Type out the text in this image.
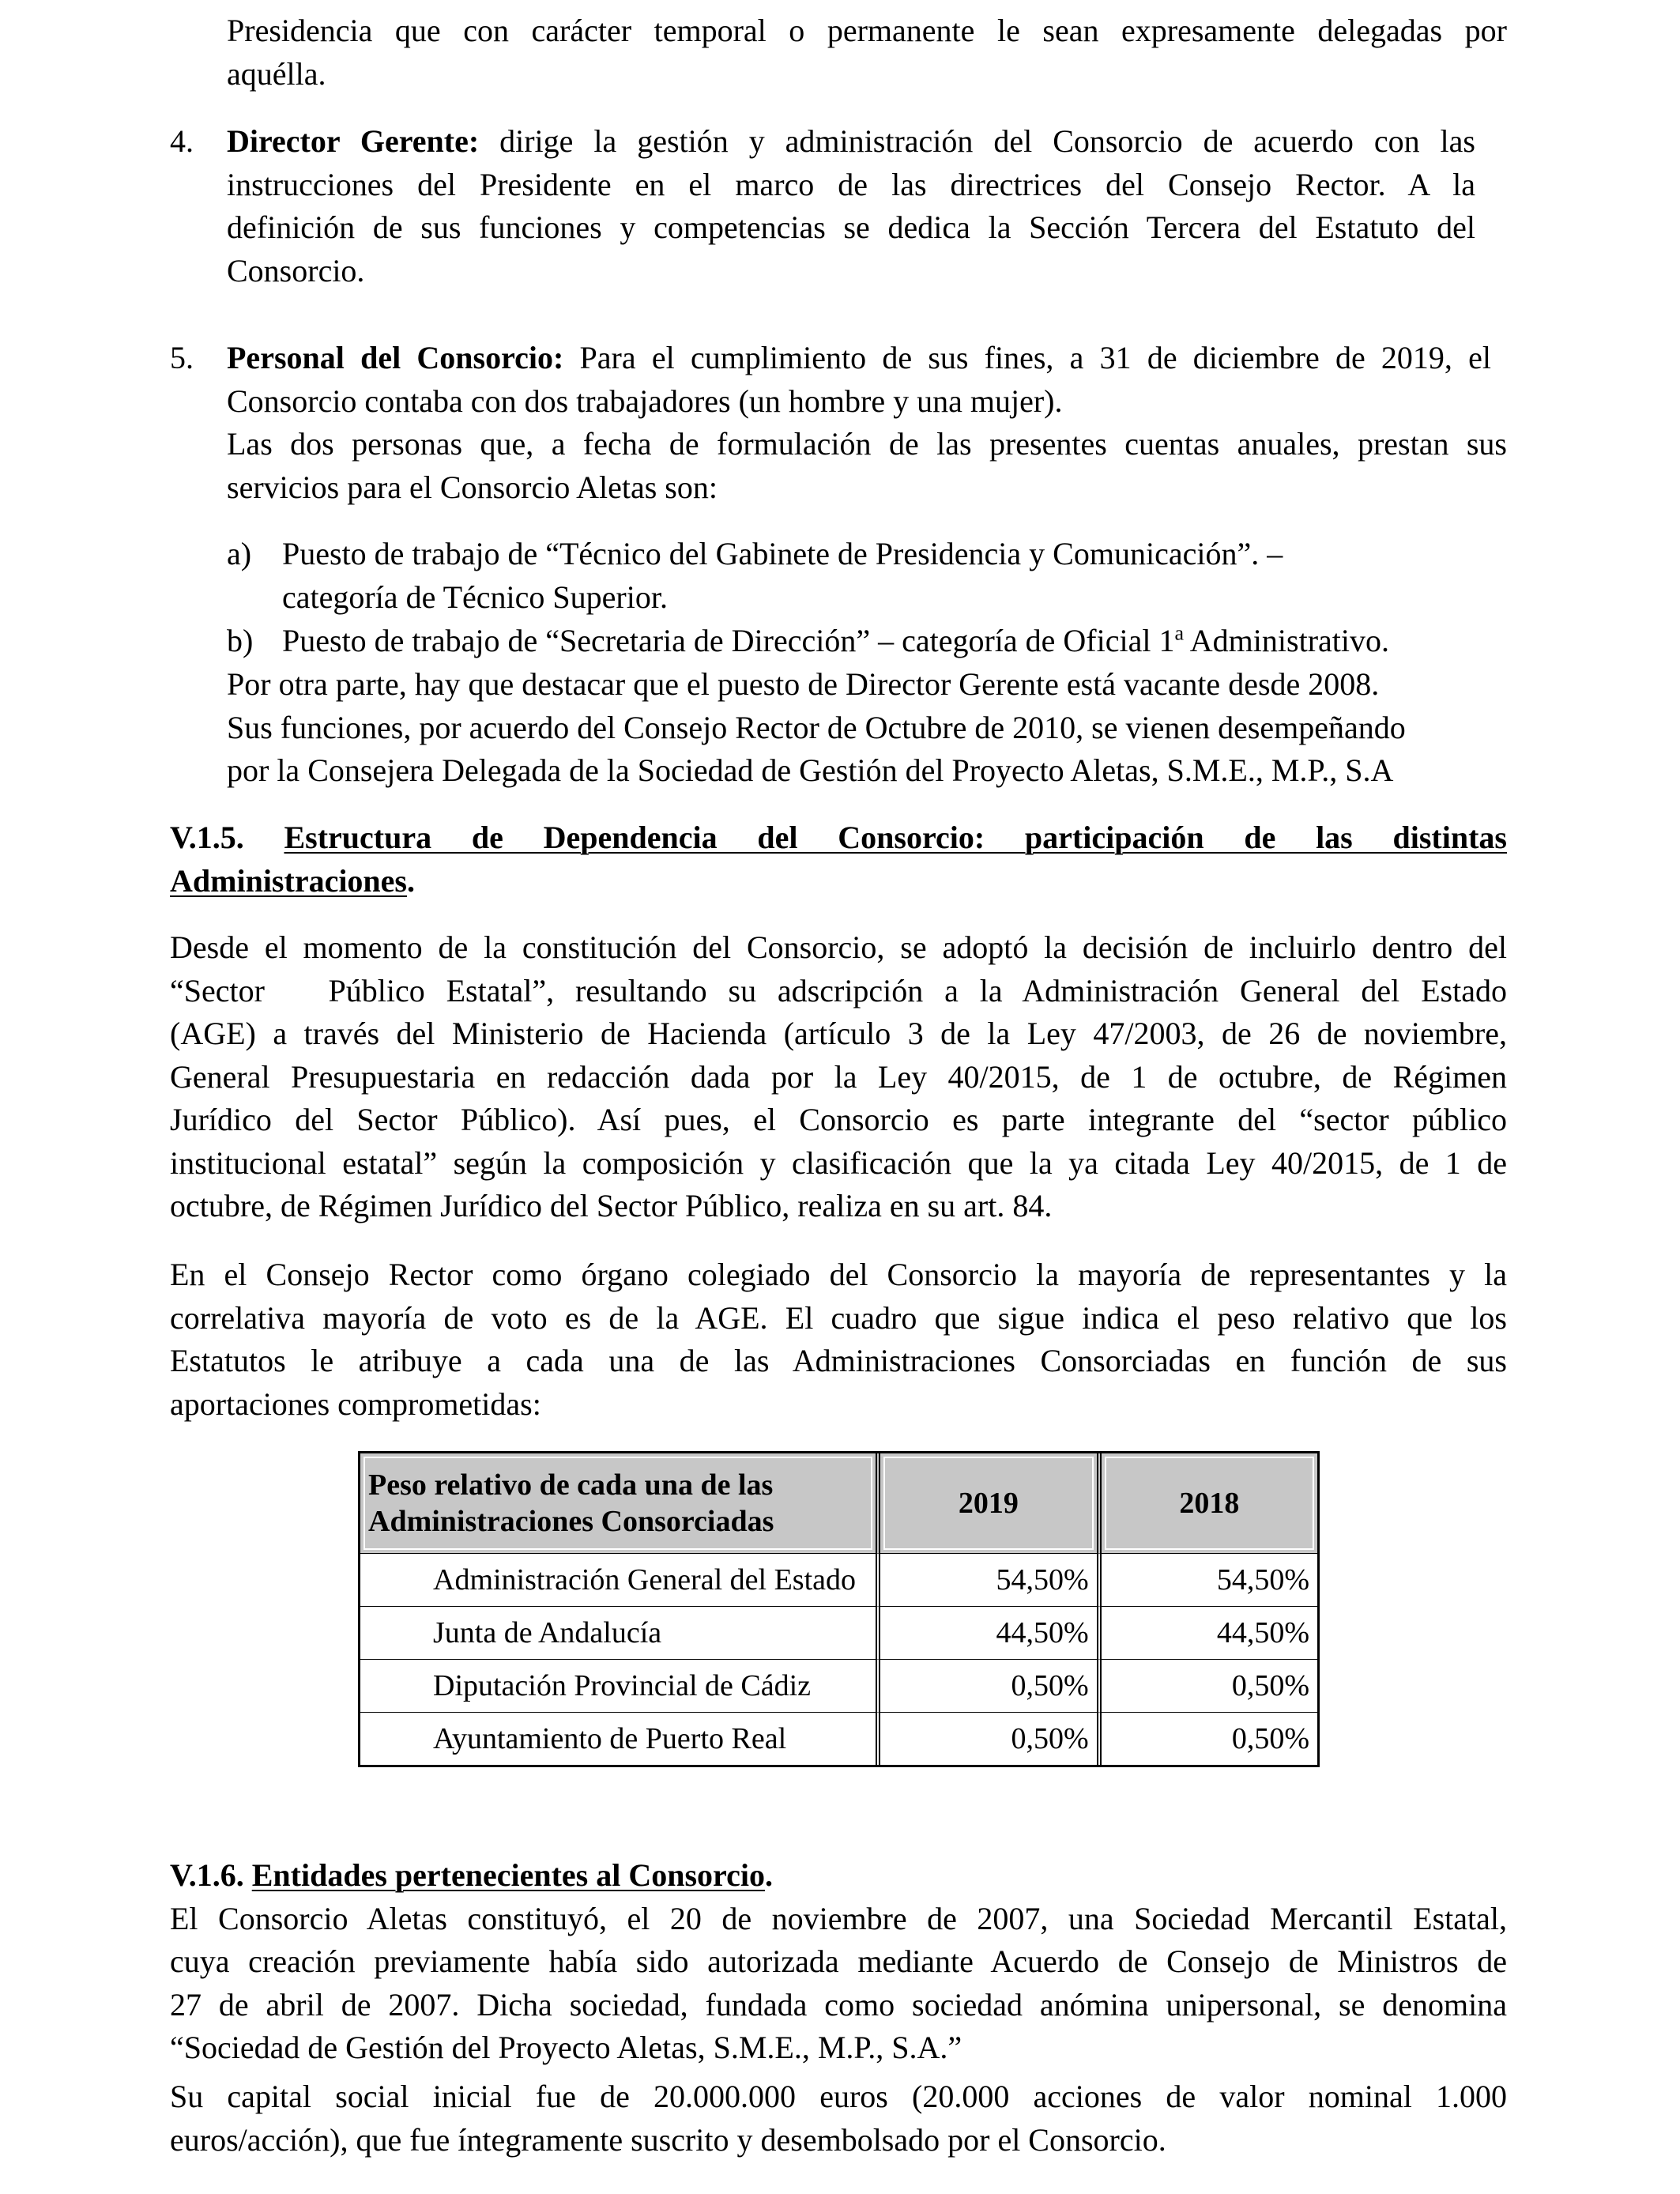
Presidencia que con carácter temporal o permanente le sean expresamente delegadas por

aquélla.

4.	Director Gerente: dirige la gestión y administración del Consorcio de acuerdo con las

instrucciones del Presidente en el marco de las directrices del Consejo Rector. A la

definición de sus funciones y competencias se dedica la Sección Tercera del Estatuto del

Consorcio.

5.	Personal del Consorcio: Para el cumplimiento de sus fines, a 31 de diciembre de 2019, el

Consorcio contaba con dos trabajadores (un hombre y una mujer).

Las dos personas que, a fecha de formulación de las presentes cuentas anuales, prestan sus

servicios para el Consorcio Aletas son:

a) Puesto de trabajo de “Técnico del Gabinete de Presidencia y Comunicación”. –

categoría de Técnico Superior.

b) Puesto de trabajo de “Secretaria de Dirección” – categoría de Oficial 1$^a$ Administrativo.

Por otra parte, hay que destacar que el puesto de Director Gerente está vacante desde 2008.

Sus funciones, por acuerdo del Consejo Rector de Octubre de 2010, se vienen desempeñando

por la Consejera Delegada de la Sociedad de Gestión del Proyecto Aletas, S.M.E., M.P., S.A

V.1.5. Estructura de Dependencia del Consorcio: participación de las distintas

Administraciones.

Desde el momento de la constitución del Consorcio, se adoptó la decisión de incluirlo dentro del

“Sector   Público Estatal”, resultando su adscripción a la Administración General del Estado

(AGE) a través del Ministerio de Hacienda (artículo 3 de la Ley 47/2003, de 26 de noviembre,

General Presupuestaria en redacción dada por la Ley 40/2015, de 1 de octubre, de Régimen

Jurídico del Sector Público). Así pues, el Consorcio es parte integrante del “sector público

institucional estatal” según la composición y clasificación que la ya citada Ley 40/2015, de 1 de

octubre, de Régimen Jurídico del Sector Público, realiza en su art. 84.

En el Consejo Rector como órgano colegiado del Consorcio la mayoría de representantes y la

correlativa mayoría de voto es de la AGE. El cuadro que sigue indica el peso relativo que los

Estatutos le atribuye a cada una de las Administraciones Consorciadas en función de sus

aportaciones comprometidas:

Peso relativo de cada una de las
Administraciones Consorciadas	2019	2018
Administración General del Estado	54,50%	54,50%
Junta de Andalucía	44,50%	44,50%
Diputación Provincial de Cádiz	0,50%	0,50%
Ayuntamiento de Puerto Real	0,50%	0,50%

V.1.6. Entidades pertenecientes al Consorcio.

El Consorcio Aletas constituyó, el 20 de noviembre de 2007, una Sociedad Mercantil Estatal,

cuya creación previamente había sido autorizada mediante Acuerdo de Consejo de Ministros de

27 de abril de 2007. Dicha sociedad, fundada como sociedad anómina unipersonal, se denomina

“Sociedad de Gestión del Proyecto Aletas, S.M.E., M.P., S.A.”

Su capital social inicial fue de 20.000.000 euros (20.000 acciones de valor nominal 1.000

euros/acción), que fue íntegramente suscrito y desembolsado por el Consorcio.
